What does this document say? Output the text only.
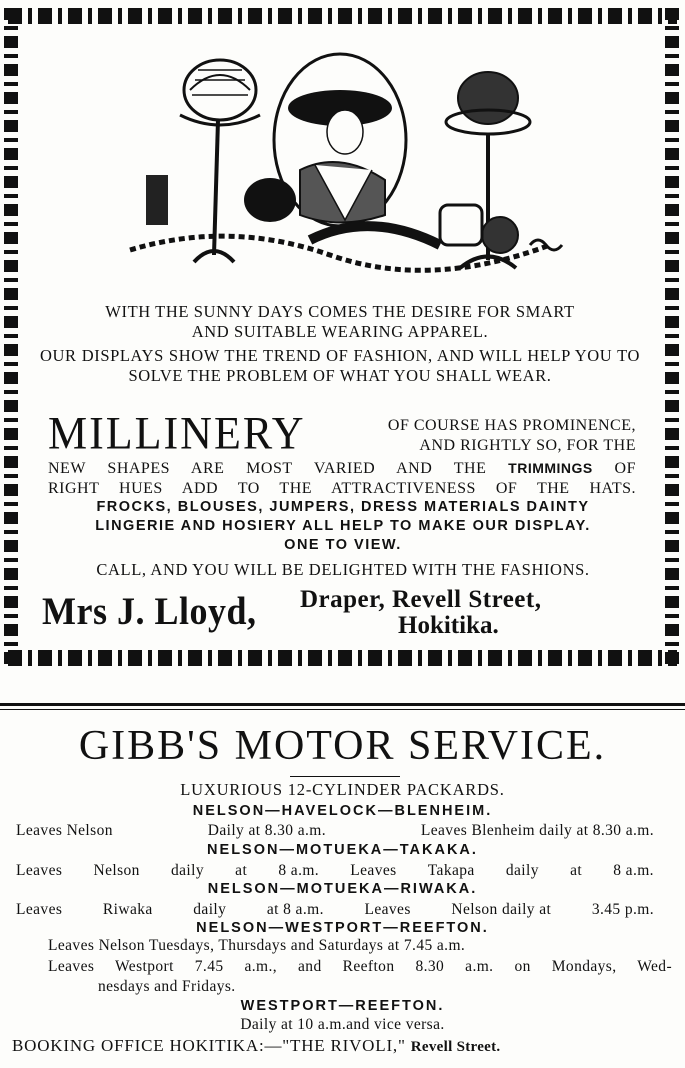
WITH THE SUNNY DAYS COMES THE DESIRE FOR SMART
AND SUITABLE WEARING APPAREL.
OUR DISPLAYS SHOW THE TREND OF FASHION, AND WILL HELP YOU TO SOLVE THE PROBLEM OF WHAT YOU SHALL WEAR.
MILLINERY	OF COURSE HAS PROMINENCE,
AND RIGHTLY SO, FOR THE
NEW SHAPES ARE MOST VARIED AND THE TRIMMINGS OF
RIGHT HUES ADD TO THE ATTRACTIVENESS OF THE HATS.
FROCKS, BLOUSES, JUMPERS, DRESS MATERIALS DAINTY
LINGERIE AND HOSIERY ALL HELP TO MAKE OUR DISPLAY.
ONE TO VIEW.
CALL, AND YOU WILL BE DELIGHTED WITH THE FASHIONS.
Mrs J. Lloyd, Draper, Revell Street,
Hokitika.
GIBB'S MOTOR SERVICE.
LUXURIOUS 12-CYLINDER PACKARDS.
NELSON—HAVELOCK—BLENHEIM.
Leaves Nelson	Daily at 8.30 a.m.	Leaves Blenheim daily at 8.30 a.m.
NELSON—MOTUEKA—TAKAKA.
Leaves Nelson daily at 8 a.m. Leaves Takapa daily at 8 a.m.
NELSON—MOTUEKA—RIWAKA.
Leaves	Riwaka	daily	at 8 a.m.	Leaves	Nelson daily at	3.45 p.m.
NELSON—WESTPORT—REEFTON.
Leaves Nelson Tuesdays, Thursdays and Saturdays at 7.45 a.m.
Leaves Westport 7.45 a.m., and Reefton 8.30 a.m. on Mondays, Wed-
nesdays and Fridays.
WESTPORT—REEFTON.
Daily at 10 a.m.and vice versa.
BOOKING OFFICE HOKITIKA:—"THE RIVOLI," Revell Street.
